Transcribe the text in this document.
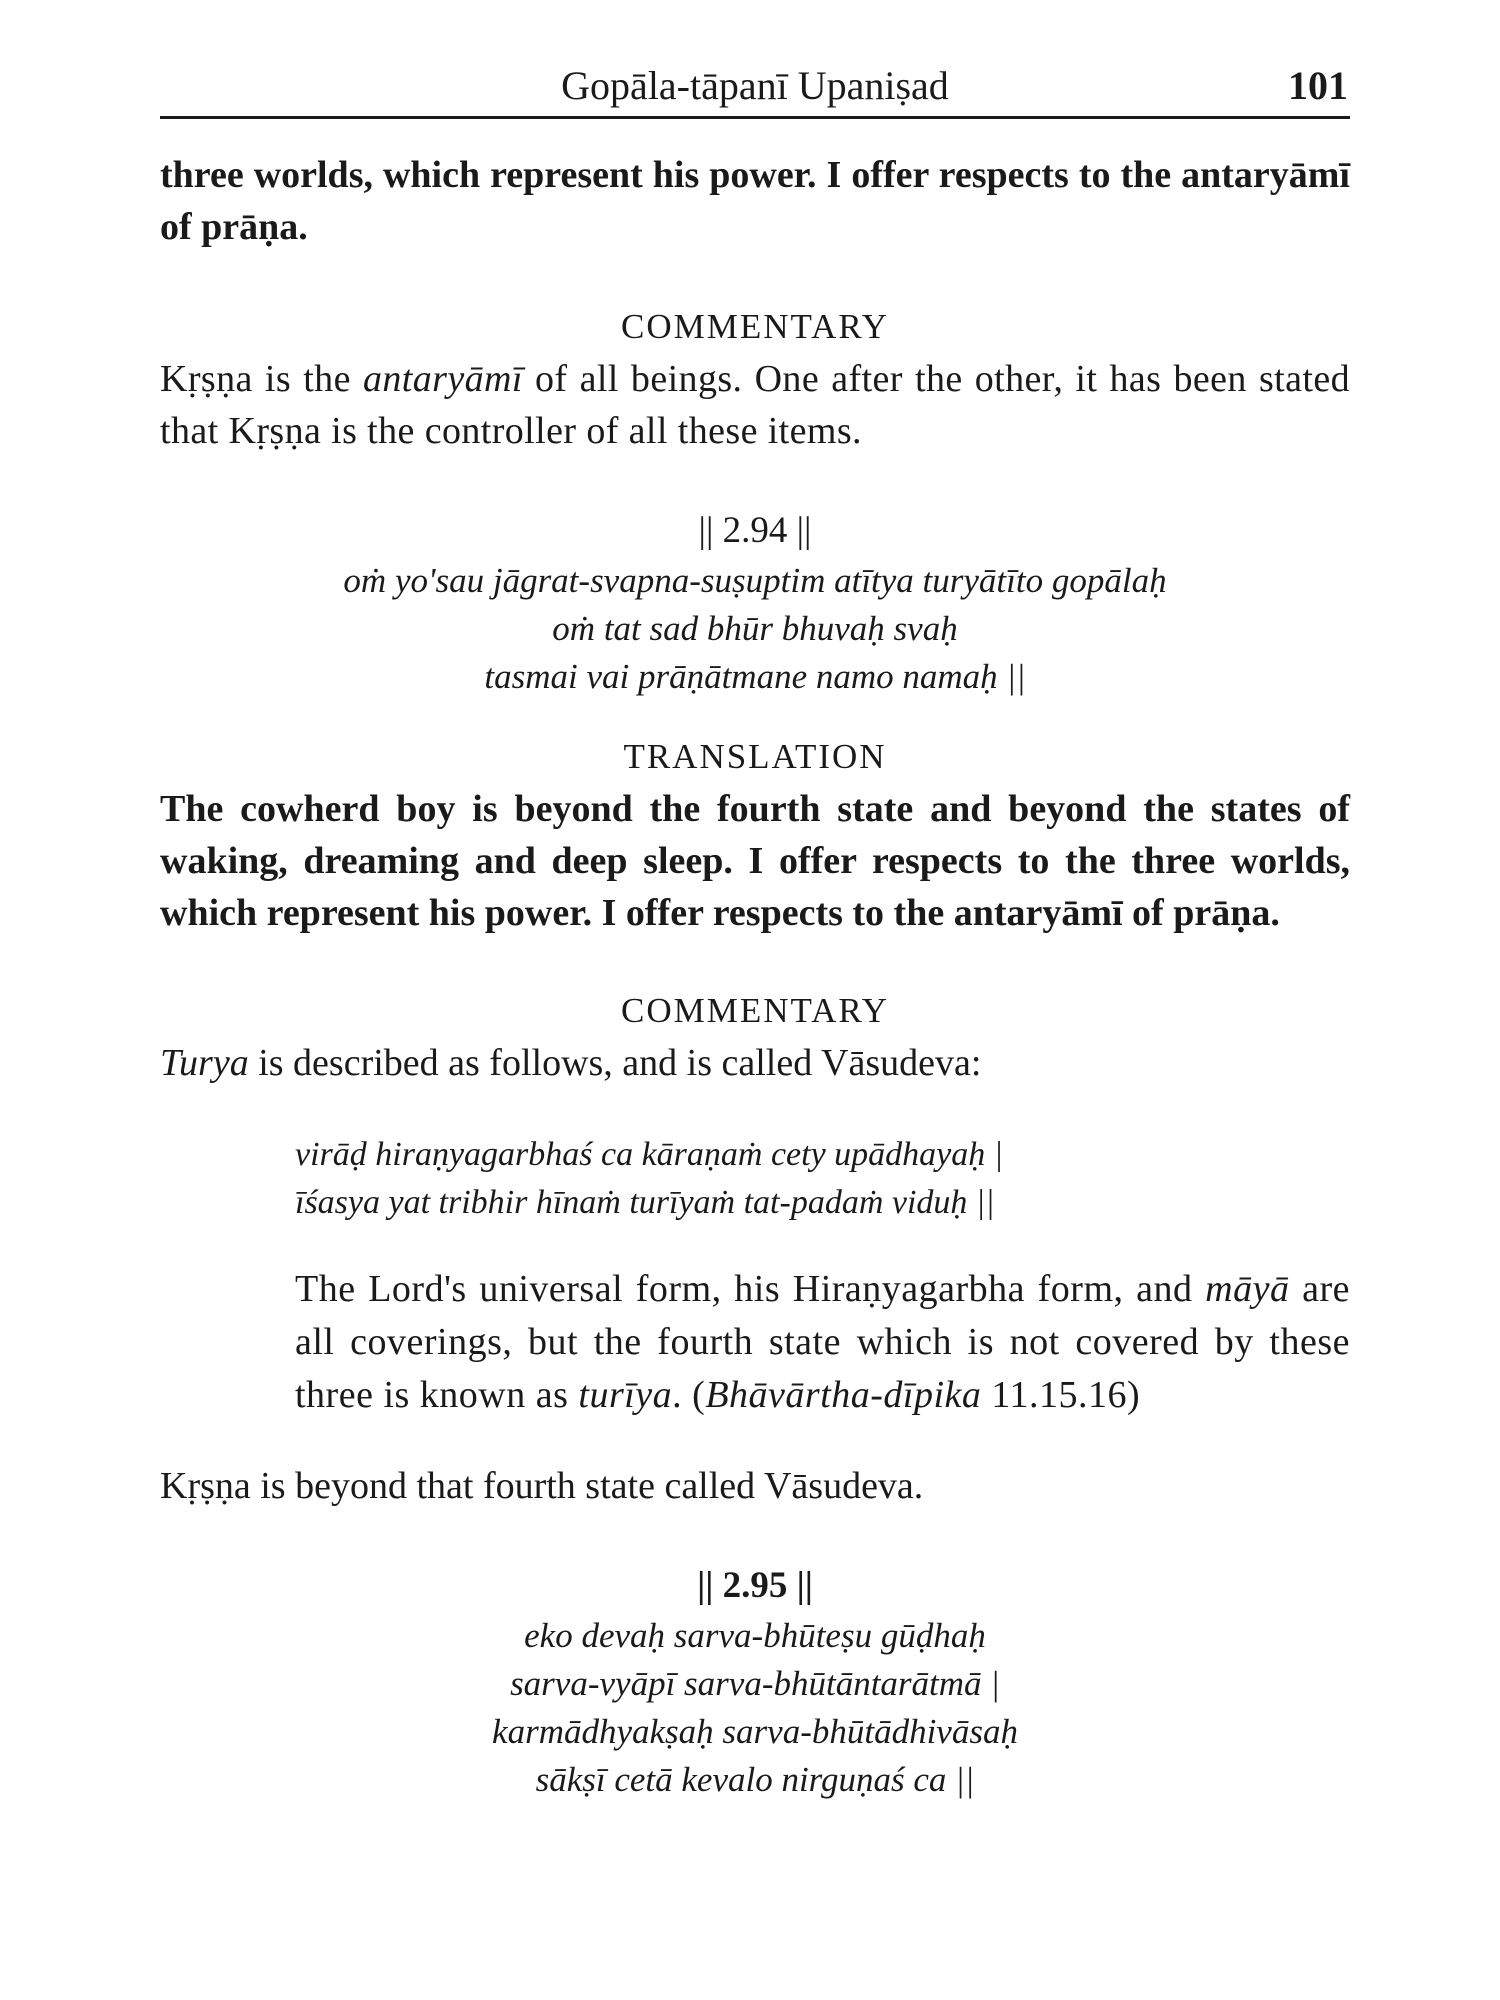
Gopāla-tāpanī Upaniṣad	101

three worlds, which represent his power. I offer respects to the antaryāmī of prāṇa.

COMMENTARY

Kṛṣṇa is the antaryāmī of all beings. One after the other, it has been stated that Kṛṣṇa is the controller of all these items.

|| 2.94 ||

oṁ yo'sau jāgrat-svapna-suṣuptim atītya turyātīto gopālaḥ
oṁ tat sad bhūr bhuvaḥ svaḥ
tasmai vai prāṇātmane namo namaḥ ||

TRANSLATION

The cowherd boy is beyond the fourth state and beyond the states of waking, dreaming and deep sleep. I offer respects to the three worlds, which represent his power. I offer respects to the antaryāmī of prāṇa.

COMMENTARY

Turya is described as follows, and is called Vāsudeva:

virāḍ hiraṇyagarbhaś ca kāraṇaṁ cety upādhayaḥ |
īśasya yat tribhir hīnaṁ turīyaṁ tat-padaṁ viduḥ ||

The Lord's universal form, his Hiraṇyagarbha form, and māyā are all coverings, but the fourth state which is not covered by these three is known as turīya. (Bhāvārtha-dīpika 11.15.16)

Kṛṣṇa is beyond that fourth state called Vāsudeva.

|| 2.95 ||

eko devaḥ sarva-bhūteṣu gūḍhaḥ
sarva-vyāpī sarva-bhūtāntarātmā |
karmādhyakṣaḥ sarva-bhūtādhivāsaḥ
sākṣī cetā kevalo nirguṇaś ca ||
